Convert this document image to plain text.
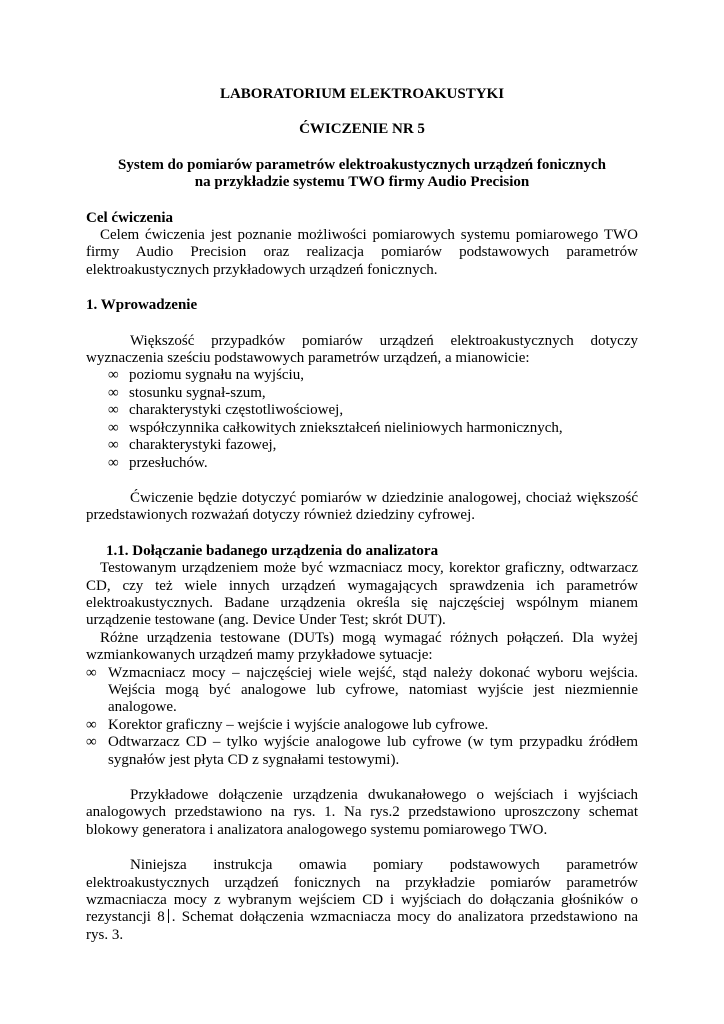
LABORATORIUM ELEKTROAKUSTYKI
ĆWICZENIE NR 5
System do pomiarów parametrów elektroakustycznych urządzeń fonicznych na przykładzie systemu TWO firmy Audio Precision
Cel ćwiczenia

Celem ćwiczenia jest poznanie możliwości pomiarowych systemu pomiarowego TWO firmy Audio Precision oraz realizacja pomiarów podstawowych parametrów elektroakustycznych przykładowych urządzeń fonicznych.

1. Wprowadzenie

Większość przypadków pomiarów urządzeń elektroakustycznych dotyczy wyznaczenia sześciu podstawowych parametrów urządzeń, a mianowicie:

∞ poziomu sygnału na wyjściu,
∞ stosunku sygnał-szum,
∞ charakterystyki częstotliwościowej,
∞ współczynnika całkowitych zniekształceń nieliniowych harmonicznych,
∞ charakterystyki fazowej,
∞ przesłuchów.

Ćwiczenie będzie dotyczyć pomiarów w dziedzinie analogowej, chociaż większość przedstawionych rozważań dotyczy również dziedziny cyfrowej.

1.1. Dołączanie badanego urządzenia do analizatora

Testowanym urządzeniem może być wzmacniacz mocy, korektor graficzny, odtwarzacz CD, czy też wiele innych urządzeń wymagających sprawdzenia ich parametrów elektroakustycznych. Badane urządzenia określa się najczęściej wspólnym mianem urządzenie testowane (ang. Device Under Test; skrót DUT).

Różne urządzenia testowane (DUTs) mogą wymagać różnych połączeń. Dla wyżej wzmiankowanych urządzeń mamy przykładowe sytuacje:

∞ Wzmacniacz mocy – najczęściej wiele wejść, stąd należy dokonać wyboru wejścia. Wejścia mogą być analogowe lub cyfrowe, natomiast wyjście jest niezmiennie analogowe.
∞ Korektor graficzny – wejście i wyjście analogowe lub cyfrowe.
∞ Odtwarzacz CD – tylko wyjście analogowe lub cyfrowe (w tym przypadku źródłem sygnałów jest płyta CD z sygnałami testowymi).

Przykładowe dołączenie urządzenia dwukanałowego o wejściach i wyjściach analogowych przedstawiono na rys. 1. Na rys.2 przedstawiono uproszczony schemat blokowy generatora i analizatora analogowego systemu pomiarowego TWO.

Niniejsza instrukcja omawia pomiary podstawowych parametrów elektroakustycznych urządzeń fonicznych na przykładzie pomiarów parametrów wzmacniacza mocy z wybranym wejściem CD i wyjściach do dołączania głośników o rezystancji 8 . Schemat dołączenia wzmacniacza mocy do analizatora przedstawiono na rys. 3.
